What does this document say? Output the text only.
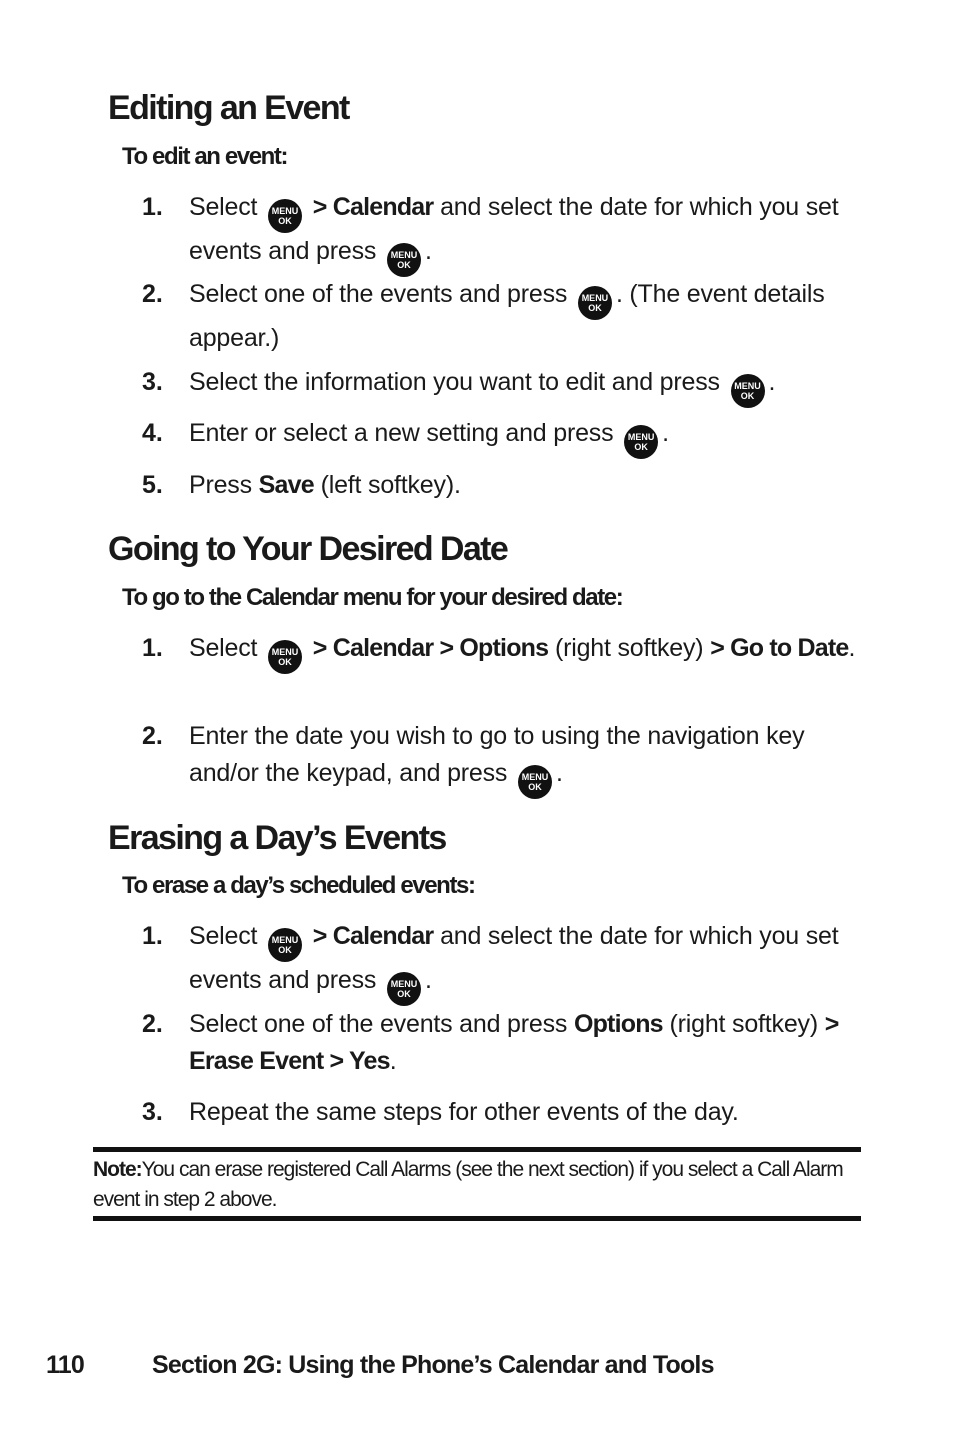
Editing an Event

To edit an event:

1.	Select	MENU
OK > Calendar and select the date for which you set events and press	MENU
OK .
2.	Select one of the events and press	MENU
OK . (The event details appear.)
3.	Select the information you want to edit and press	MENU
OK .
4.	Enter or select a new setting and press	MENU
OK .
5.	Press Save (left softkey).
Going to Your Desired Date

To go to the Calendar menu for your desired date:

1.	Select	MENU
OK > Calendar > Options (right softkey) > Go to Date.
2.	Enter the date you wish to go to using the navigation key and/or the keypad, and press	MENU
OK .
Erasing a Day’s Events

To erase a day’s scheduled events:

1.	Select	MENU
OK > Calendar and select the date for which you set events and press	MENU
OK .
2.	Select one of the events and press Options (right softkey) > Erase Event > Yes.
3.	Repeat the same steps for other events of the day.
Note:You can erase registered Call Alarms (see the next section) if you select a Call Alarm event in step 2 above.
110	Section 2G: Using the Phone’s Calendar and Tools
